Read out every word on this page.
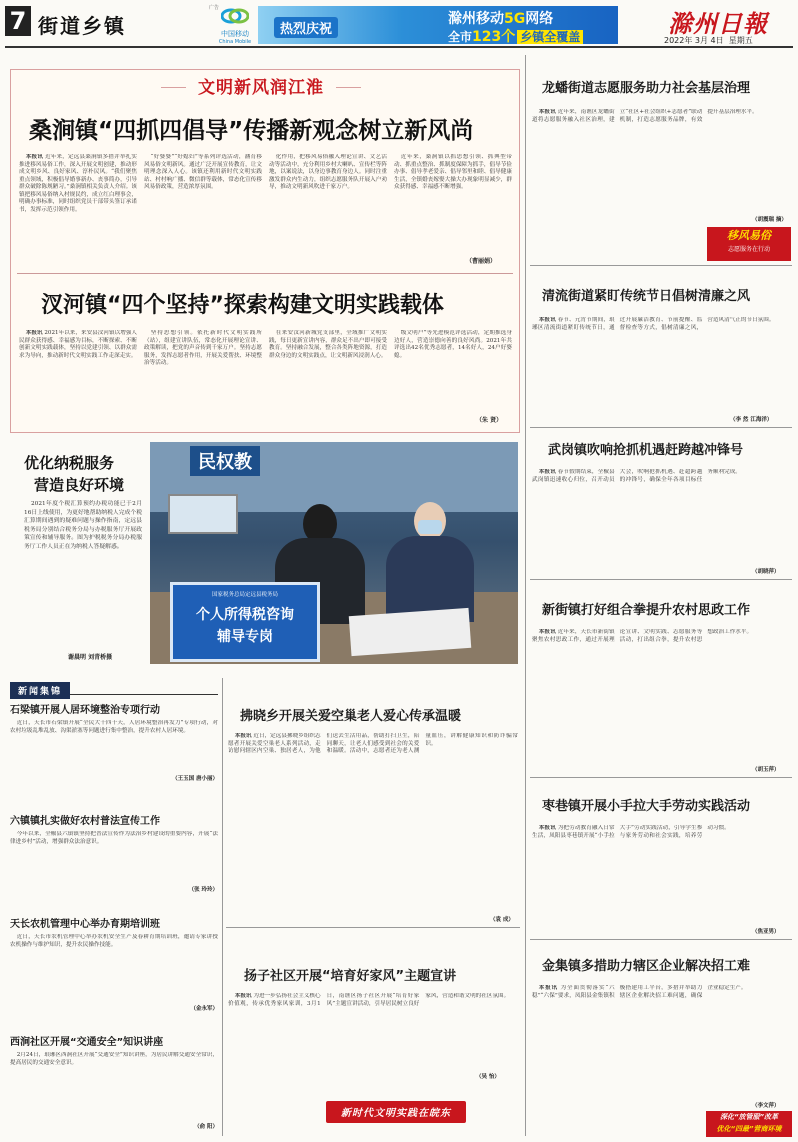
7 街道乡镇
广告
中国移动
China Mobile
热烈庆祝
滁州移动5G网络
全市123个 乡镇全覆盖	滁州日報
2022年 3月 4日 星期五
文明新风润江淮
桑涧镇“四抓四倡导”传播新观念树立新风尚

本报讯 近年来，定远县桑涧镇多措并举扎实推进移风易俗工作，深入开展文明创建，推动形成文明乡风、良好家风、淳朴民风。“我们聚焦重点领域，积极倡导婚事新办、丧事简办，引导群众破除陈规陋习。”桑涧镇相关负责人介绍。该镇把移风易俗纳入村规民约，成立红白理事会，明确办事标准，同时组织党员干部带头签订承诺书，发挥示范引领作用。

“好婆婆”“好媳妇”等系列评选活动，涵育移风易俗文明新风。通过广泛开展宣传教育，让文明理念深入人心。该镇还利用新时代文明实践站、村村响广播、微信群等载体，常态化宣传移风易俗政策，营造浓厚氛围。

化作用，把移风易俗融入理论宣讲、文艺活动等活动中，充分利用乡村大喇叭、宣传栏等阵地，以案说法，以身边事教育身边人。同时注重激发群众内生动力，组织志愿服务队开展入户劝导，推动文明新风吹进千家万户。

近年来，桑涧镇以抓思想引领、抓典型带动、抓重点整治、抓制度保障为抓手，倡导节俭办事、倡导孝老爱亲、倡导邻里和睦、倡导健康生活，全镇婚丧嫁娶大操大办现象明显减少，群众获得感、幸福感不断增强。

（曹丽娟）
汊河镇“四个坚持”探索构建文明实践载体

本报讯 2021年以来，来安县汊河镇以增强人民群众获得感、幸福感为目标，不断探索、不断创新文明实践载体，坚持以党建引领、以群众需求为导向，推动新时代文明实践工作走深走实。

坚持思想引领。依托新时代文明实践所（站），组建宣讲队伍，常态化开展理论宣讲、政策解读，把党的声音传到千家万户。坚持志愿服务，发挥志愿者作用，开展关爱帮扶、环境整治等活动。

在来安汊河新城党支部里，全域推广文明实践，每日更新宣讲内容，群众足不出户即可接受教育。坚持融合发展，整合各类阵地资源，打造群众身边的文明实践点，让文明新风浸润人心。

级文明户”等先进模范评选活动，定期推选身边好人，营造崇德向善的良好风尚。2021年共评选出42名优秀志愿者，14名好人，24户好婆媳。

（朱 贤）
优化纳税服务
营造良好环境
2021年度个税汇算预约办税功能已于2月16日上线使用，为更好地帮助纳税人完成个税汇算期间遇到的疑难问题与操作指南，定远县税务局分别结合税务分局与办税服务厅开展政策宣传和辅导服务。图为护税税务分局办税服务厅工作人员正在为纳税人答疑解惑。
谢晨明 刘青桥摄
民权教
国家税务总局定远县税务局
个人所得税咨询
辅导专岗
新闻集锦
石梁镇开展人居环境整治专项行动

近日，天长市石梁镇开展“全民大干四十天，人居环境整治再发力”专项行动，对农村垃圾乱堆乱放、沟渠淤塞等问题进行集中整治，提升农村人居环境。

（王玉国 唐小丽）
六镇镇扎实做好农村普法宣传工作

今年以来，全椒县六镇镇坚持把普法宣传作为法治乡村建设的重要内容，开展“法律进乡村”活动，增强群众法治意识。

（张 玲玲）
天长农机管理中心举办育期培训班

近日，天长市农机管理中心举办农机安全生产及春耕育期培训班，邀请专家讲授农机操作与维护知识，提升农民操作技能。

（金永军）
西涧社区开展“交通安全”知识讲座

2月24日，琅琊区西涧社区开展“交通安全”知识讲座，为居民讲解交通安全常识，提高居民的交通安全意识。

（俞 阳）
拂晓乡开展关爱空巢老人爱心传承温暖

本报讯 近日，定远县拂晓乡组织志愿者开展关爱空巢老人系列活动，走访慰问辖区内空巢、独居老人，为他们送去生活用品，帮助打扫卫生，陪同聊天，让老人们感受到社会的关爱和温暖。活动中，志愿者还为老人测量血压，讲解健康知识和防诈骗常识。

（袁 成）
扬子社区开展“培育好家风”主题宣讲

本报讯 为进一步弘扬社会主义核心价值观，传承优秀家风家训，3月1日，南谯区扬子社区开展“培育好家风”主题宣讲活动，引导居民树立良好家风，营造和谐文明的社区氛围。

（吴 怡）
新时代文明实践在皖东
龙蟠街道志愿服务助力社会基层治理

本报讯 近年来，南谯区龙蟠街道将志愿服务融入社区治理，建立“社区+社会组织+志愿者”联动机制，打造志愿服务品牌，有效提升基层治理水平。

（胡震瑞 摘）
移风易俗
志愿服务在行动
清流街道紧盯传统节日倡树清廉之风

本报讯 春节、元宵节期间，琅琊区清流街道紧盯传统节日，通过开展廉洁教育、节前提醒、监督检查等方式，倡树清廉之风，营造风清气正的节日氛围。

（李 然 江海洋）
武岗镇吹响抢抓机遇赶跨越冲锋号

本报讯 春节假期结束，全椒县武岗镇迅速收心归位，召开动员大会，吹响抢抓机遇、赶超跨越的冲锋号，确保全年各项目标任务顺利完成。

（胡晓萍）
新街镇打好组合拳提升农村思政工作

本报讯 近年来，天长市新街镇聚焦农村思政工作，通过开展理论宣讲、文明实践、志愿服务等活动，打出组合拳，提升农村思想政治工作水平。

（胡玉萍）
枣巷镇开展小手拉大手劳动实践活动

本报讯 为把劳动教育融入日常生活，凤阳县枣巷镇开展“小手拉大手”劳动实践活动，引导学生参与家务劳动和社会实践，培养劳动习惯。

（焦亚男）
金集镇多措助力辖区企业解决招工难

本报讯 为全面贯彻落实“六稳”“六保”要求，凤阳县金集镇积极搭建用工平台，多措并举助力辖区企业解决招工难问题，确保企业稳定生产。

（李文萍）
深化“放管服”改革
优化“四最”营商环境
